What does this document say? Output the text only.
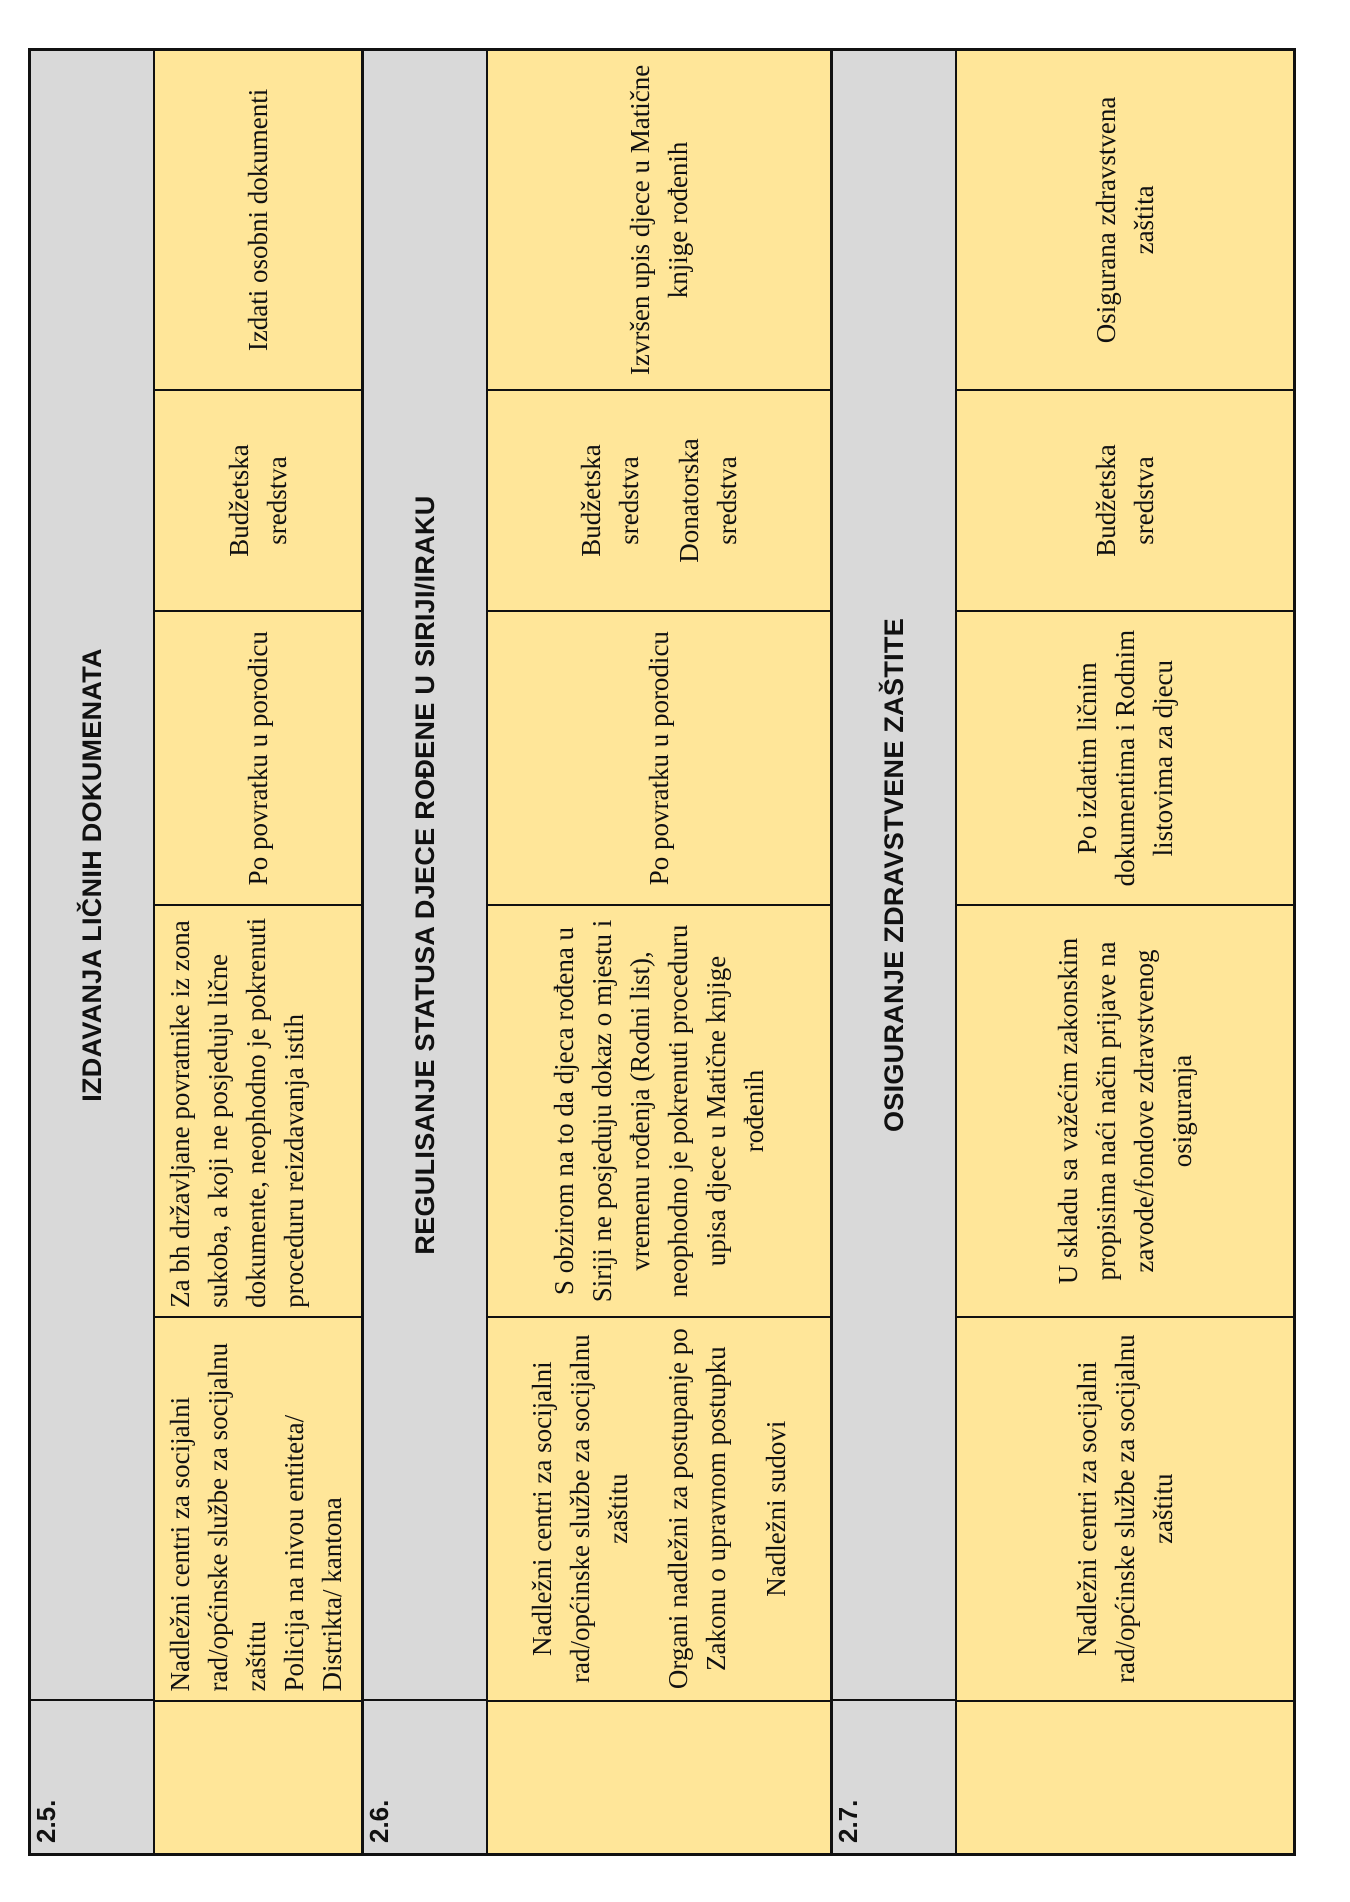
2.5.
IZDAVANJA LIČNIH DOKUMENATA
Nadležni centri za socijalni rad/općinske službe za socijalnu zaštitu Policija na nivou entiteta/ Distrikta/ kantona
Za bh državljane povratnike iz zona sukoba, a koji ne posjeduju lične dokumente, neophodno je pokrenuti proceduru reizdavanja istih
Po povratku u porodicu
Budžetska sredstva
Izdati osobni dokumenti
2.6.
REGULISANJE STATUSA DJECE ROĐENE U SIRIJI/IRAKU
Nadležni centri za socijalni rad/općinske službe za socijalnu zaštitu Organi nadležni za postupanje po Zakonu o upravnom postupku Nadležni sudovi
S obzirom na to da djeca rođena u Siriji ne posjeduju dokaz o mjestu i vremenu rođenja (Rodni list), neophodno je pokrenuti proceduru upisa djece u Matične knjige rođenih
Po povratku u porodicu
Budžetska sredstva Donatorska sredstva
Izvršen upis djece u Matične knjige rođenih
2.7.
OSIGURANJE ZDRAVSTVENE ZAŠTITE
Nadležni centri za socijalni rad/općinske službe za socijalnu zaštitu
U skladu sa važećim zakonskim propisima naći način prijave na zavode/fondove zdravstvenog osiguranja
Po izdatim ličnim dokumentima i Rodnim listovima za djecu
Budžetska sredstva
Osigurana zdravstvena zaštita
